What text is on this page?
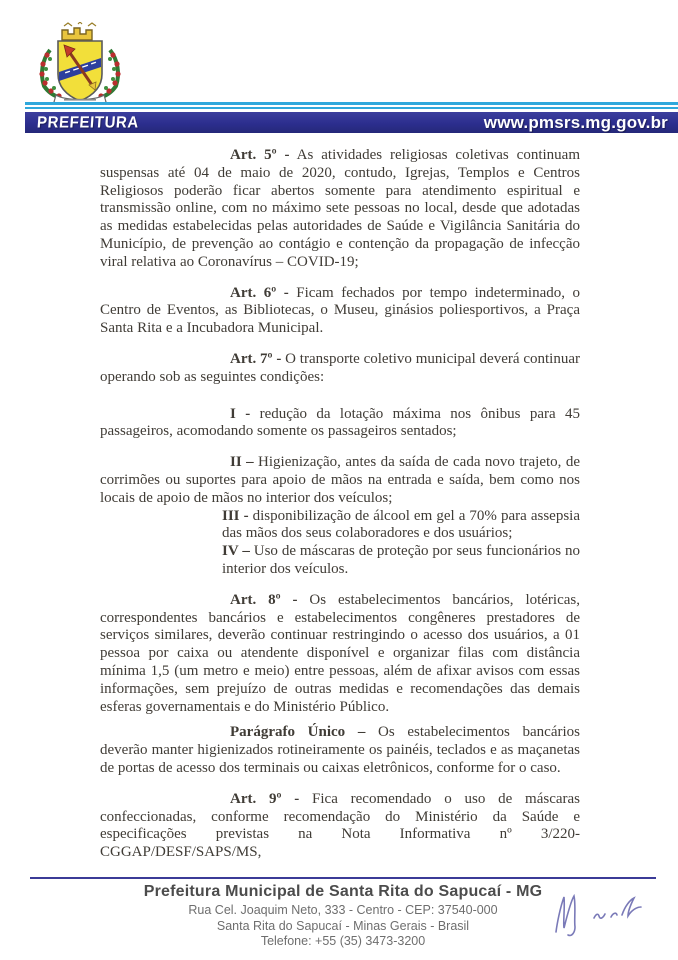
PREFEITURA	www.pmsrs.mg.gov.br

Art. 5º - As atividades religiosas coletivas continuam suspensas até 04 de maio de 2020, contudo, Igrejas, Templos e Centros Religiosos poderão ficar abertos somente para atendimento espiritual e transmissão online, com no máximo sete pessoas no local, desde que adotadas as medidas estabelecidas pelas autoridades de Saúde e Vigilância Sanitária do Município, de prevenção ao contágio e contenção da propagação de infecção viral relativa ao Coronavírus – COVID-19;

Art. 6º - Ficam fechados por tempo indeterminado, o Centro de Eventos, as Bibliotecas, o Museu, ginásios poliesportivos, a Praça Santa Rita e a Incubadora Municipal.

Art. 7º - O transporte coletivo municipal deverá continuar operando sob as seguintes condições:

I - redução da lotação máxima nos ônibus para 45 passageiros, acomodando somente os passageiros sentados;

II – Higienização, antes da saída de cada novo trajeto, de corrimões ou suportes para apoio de mãos na entrada e saída, bem como nos locais de apoio de mãos no interior dos veículos;

III - disponibilização de álcool em gel a 70% para assepsia das mãos dos seus colaboradores e dos usuários;

IV – Uso de máscaras de proteção por seus funcionários no interior dos veículos.

Art. 8º - Os estabelecimentos bancários, lotéricas, correspondentes bancários e estabelecimentos congêneres prestadores de serviços similares, deverão continuar restringindo o acesso dos usuários, a 01 pessoa por caixa ou atendente disponível e organizar filas com distância mínima 1,5 (um metro e meio) entre pessoas, além de afixar avisos com essas informações, sem prejuízo de outras medidas e recomendações das demais esferas governamentais e do Ministério Público.

Parágrafo Único – Os estabelecimentos bancários deverão manter higienizados rotineiramente os painéis, teclados e as maçanetas de portas de acesso dos terminais ou caixas eletrônicos, conforme for o caso.

Art. 9º - Fica recomendado o uso de máscaras confeccionadas, conforme recomendação do Ministério da Saúde e especificações previstas na Nota Informativa nº 3/220-CGGAP/DESF/SAPS/MS,

Prefeitura Municipal de Santa Rita do Sapucaí - MG

Rua Cel. Joaquim Neto, 333 - Centro - CEP: 37540-000

Santa Rita do Sapucaí - Minas Gerais - Brasil

Telefone: +55 (35) 3473-3200
